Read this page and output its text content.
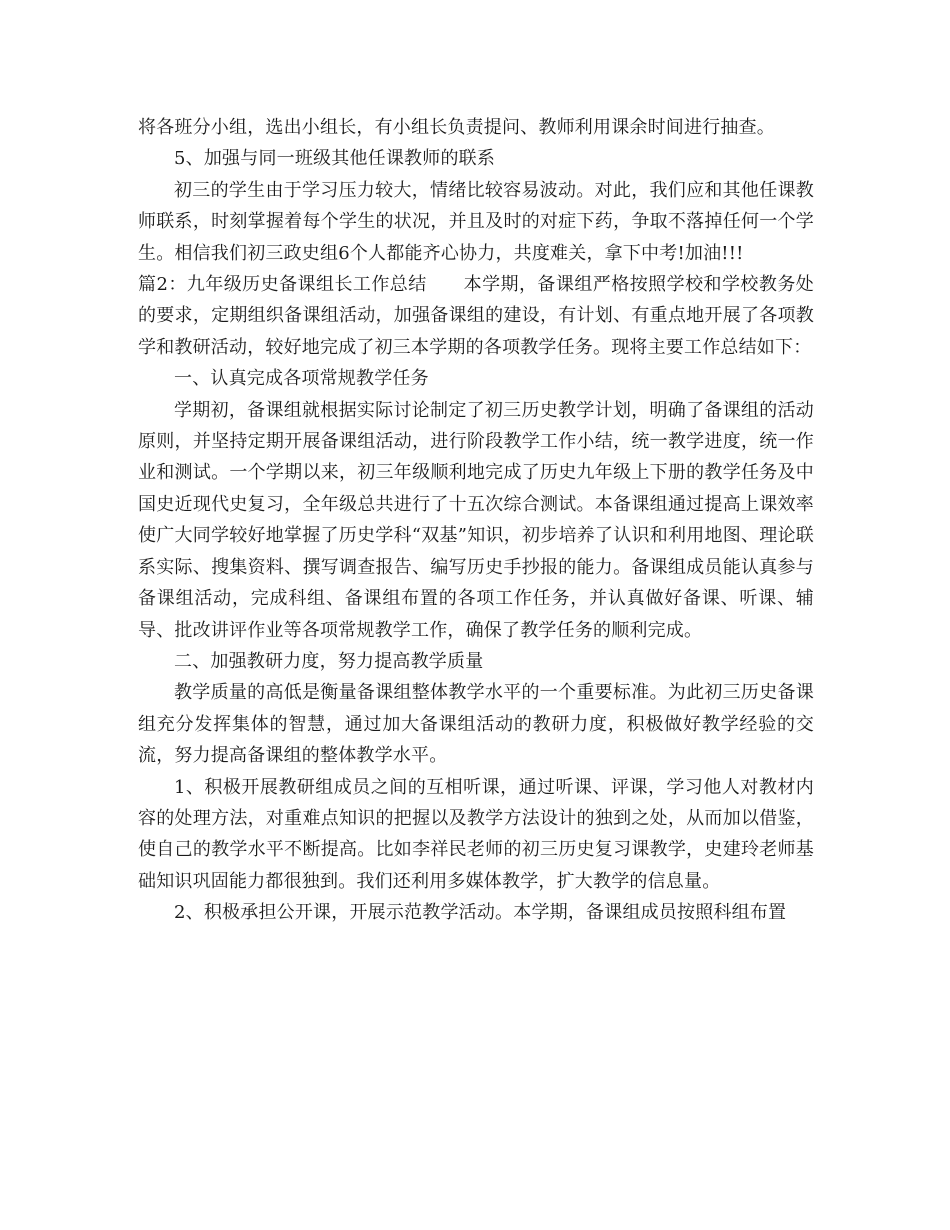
将各班分小组，选出小组长，有小组长负责提问、教师利用课余时间进行抽查。

5、加强与同一班级其他任课教师的联系

初三的学生由于学习压力较大，情绪比较容易波动。对此，我们应和其他任课教师联系，时刻掌握着每个学生的状况，并且及时的对症下药，争取不落掉任何一个学生。相信我们初三政史组6个人都能齐心协力，共度难关，拿下中考!加油!!!

篇2：九年级历史备课组长工作总结　　本学期，备课组严格按照学校和学校教务处的要求，定期组织备课组活动，加强备课组的建设，有计划、有重点地开展了各项教学和教研活动，较好地完成了初三本学期的各项教学任务。现将主要工作总结如下：

一、认真完成各项常规教学任务

学期初，备课组就根据实际讨论制定了初三历史教学计划，明确了备课组的活动原则，并坚持定期开展备课组活动，进行阶段教学工作小结，统一教学进度，统一作业和测试。一个学期以来，初三年级顺利地完成了历史九年级上下册的教学任务及中国史近现代史复习，全年级总共进行了十五次综合测试。本备课组通过提高上课效率使广大同学较好地掌握了历史学科“双基”知识，初步培养了认识和利用地图、理论联系实际、搜集资料、撰写调查报告、编写历史手抄报的能力。备课组成员能认真参与备课组活动，完成科组、备课组布置的各项工作任务，并认真做好备课、听课、辅导、批改讲评作业等各项常规教学工作，确保了教学任务的顺利完成。

二、加强教研力度，努力提高教学质量

教学质量的高低是衡量备课组整体教学水平的一个重要标准。为此初三历史备课组充分发挥集体的智慧，通过加大备课组活动的教研力度，积极做好教学经验的交流，努力提高备课组的整体教学水平。

1、积极开展教研组成员之间的互相听课，通过听课、评课，学习他人对教材内容的处理方法，对重难点知识的把握以及教学方法设计的独到之处，从而加以借鉴，使自己的教学水平不断提高。比如李祥民老师的初三历史复习课教学，史建玲老师基础知识巩固能力都很独到。我们还利用多媒体教学，扩大教学的信息量。

2、积极承担公开课，开展示范教学活动。本学期，备课组成员按照科组布置
